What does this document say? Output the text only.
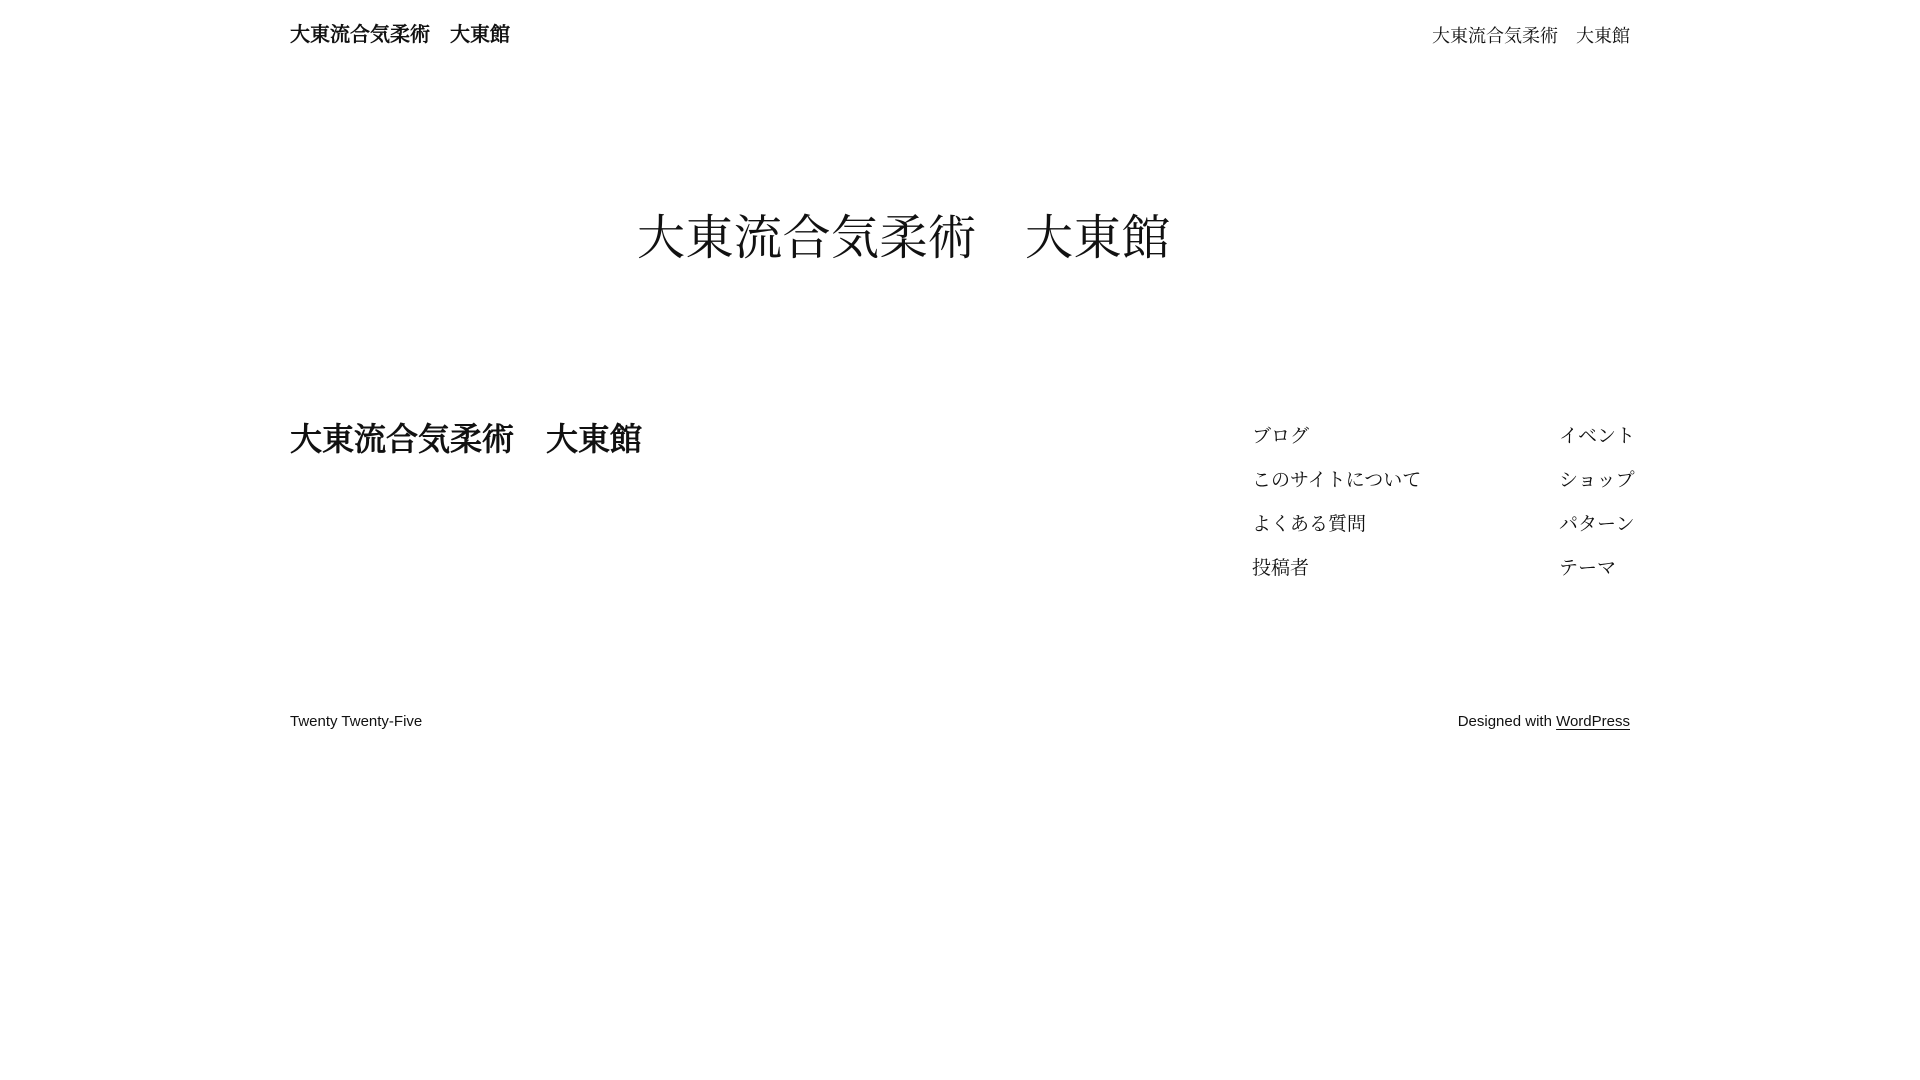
大東流合気柔術　大東館	大東流合気柔術　大東館
大東流合気柔術　大東館
大東流合気柔術　大東館	ブログ
このサイトについて
よくある質問
投稿者
イベント
ショップ
パターン
テーマ
Twenty Twenty-Five	Designed with WordPress
